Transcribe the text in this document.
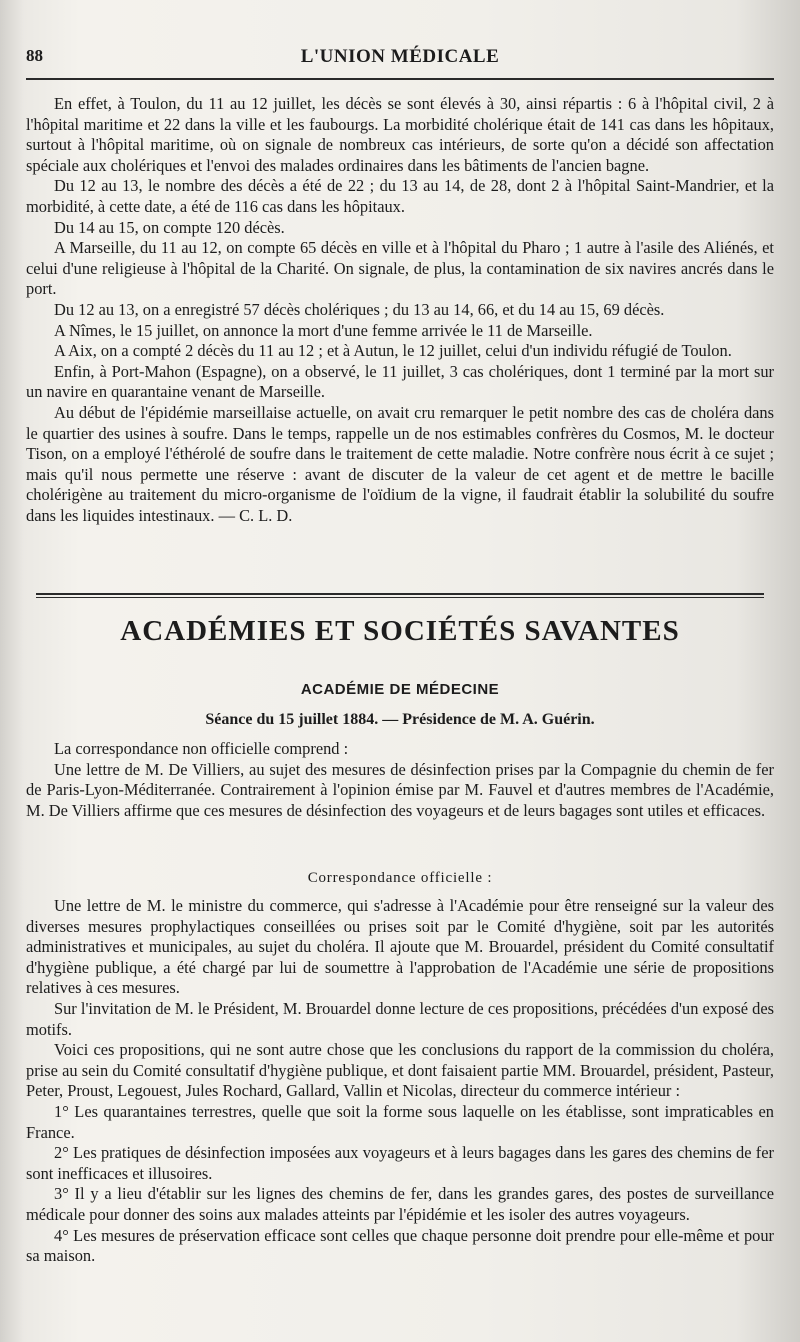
88	L'UNION MÉDICALE

En effet, à Toulon, du 11 au 12 juillet, les décès se sont élevés à 30, ainsi répartis : 6 à l'hôpital civil, 2 à l'hôpital maritime et 22 dans la ville et les faubourgs. La morbidité cholérique était de 141 cas dans les hôpitaux, surtout à l'hôpital maritime, où on signale de nombreux cas intérieurs, de sorte qu'on a décidé son affectation spéciale aux cholériques et l'envoi des malades ordinaires dans les bâtiments de l'ancien bagne.

Du 12 au 13, le nombre des décès a été de 22 ; du 13 au 14, de 28, dont 2 à l'hôpital Saint-Mandrier, et la morbidité, à cette date, a été de 116 cas dans les hôpitaux.

Du 14 au 15, on compte 120 décès.

A Marseille, du 11 au 12, on compte 65 décès en ville et à l'hôpital du Pharo ; 1 autre à l'asile des Aliénés, et celui d'une religieuse à l'hôpital de la Charité. On signale, de plus, la contamination de six navires ancrés dans le port.

Du 12 au 13, on a enregistré 57 décès cholériques ; du 13 au 14, 66, et du 14 au 15, 69 décès.

A Nîmes, le 15 juillet, on annonce la mort d'une femme arrivée le 11 de Marseille.

A Aix, on a compté 2 décès du 11 au 12 ; et à Autun, le 12 juillet, celui d'un individu réfugié de Toulon.

Enfin, à Port-Mahon (Espagne), on a observé, le 11 juillet, 3 cas cholériques, dont 1 terminé par la mort sur un navire en quarantaine venant de Marseille.

Au début de l'épidémie marseillaise actuelle, on avait cru remarquer le petit nombre des cas de choléra dans le quartier des usines à soufre. Dans le temps, rappelle un de nos estimables confrères du Cosmos, M. le docteur Tison, on a employé l'éthérolé de soufre dans le traitement de cette maladie. Notre confrère nous écrit à ce sujet ; mais qu'il nous permette une réserve : avant de discuter de la valeur de cet agent et de mettre le bacille cholérigène au traitement du micro-organisme de l'oïdium de la vigne, il faudrait établir la solubilité du soufre dans les liquides intestinaux. — C. L. D.

ACADÉMIES ET SOCIÉTÉS SAVANTES
ACADÉMIE DE MÉDECINE
Séance du 15 juillet 1884. — Présidence de M. A. Guérin.

La correspondance non officielle comprend :

Une lettre de M. De Villiers, au sujet des mesures de désinfection prises par la Compagnie du chemin de fer de Paris-Lyon-Méditerranée. Contrairement à l'opinion émise par M. Fauvel et d'autres membres de l'Académie, M. De Villiers affirme que ces mesures de désinfection des voyageurs et de leurs bagages sont utiles et efficaces.

Correspondance officielle :

Une lettre de M. le ministre du commerce, qui s'adresse à l'Académie pour être renseigné sur la valeur des diverses mesures prophylactiques conseillées ou prises soit par le Comité d'hygiène, soit par les autorités administratives et municipales, au sujet du choléra. Il ajoute que M. Brouardel, président du Comité consultatif d'hygiène publique, a été chargé par lui de soumettre à l'approbation de l'Académie une série de propositions relatives à ces mesures.

Sur l'invitation de M. le Président, M. Brouardel donne lecture de ces propositions, précédées d'un exposé des motifs.

Voici ces propositions, qui ne sont autre chose que les conclusions du rapport de la commission du choléra, prise au sein du Comité consultatif d'hygiène publique, et dont faisaient partie MM. Brouardel, président, Pasteur, Peter, Proust, Legouest, Jules Rochard, Gallard, Vallin et Nicolas, directeur du commerce intérieur :

1° Les quarantaines terrestres, quelle que soit la forme sous laquelle on les établisse, sont impraticables en France.

2° Les pratiques de désinfection imposées aux voyageurs et à leurs bagages dans les gares des chemins de fer sont inefficaces et illusoires.

3° Il y a lieu d'établir sur les lignes des chemins de fer, dans les grandes gares, des postes de surveillance médicale pour donner des soins aux malades atteints par l'épidémie et les isoler des autres voyageurs.

4° Les mesures de préservation efficace sont celles que chaque personne doit prendre pour elle-même et pour sa maison.
